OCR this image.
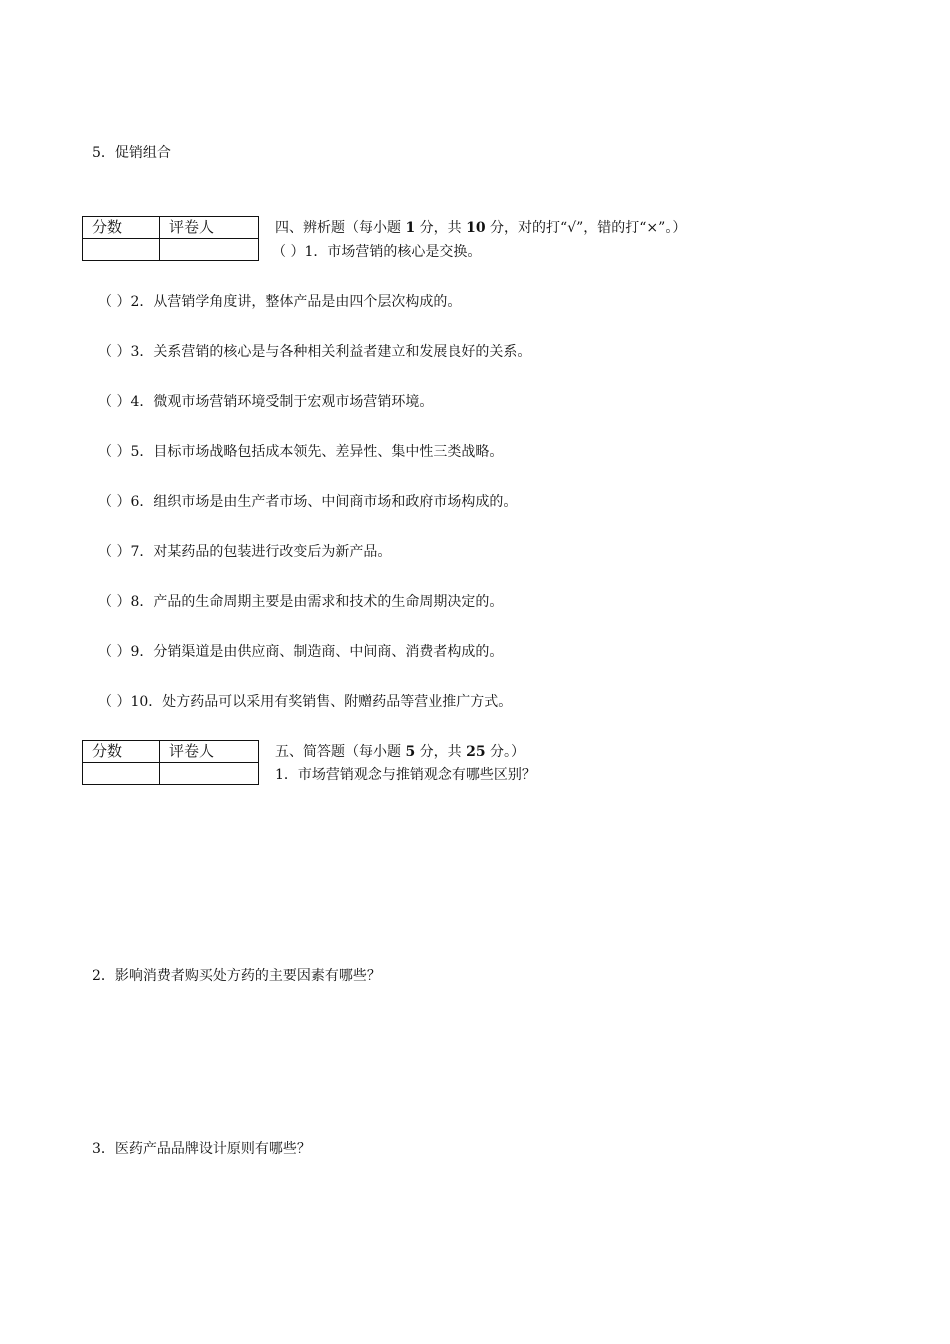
5．促销组合
分数	评卷人
		四、辨析题（每小题 1 分，共 10 分，对的打“√”，错的打“×”。）
（ ）1．市场营销的核心是交换。
（ ）2．从营销学角度讲，整体产品是由四个层次构成的。
（ ）3．关系营销的核心是与各种相关利益者建立和发展良好的关系。
（ ）4．微观市场营销环境受制于宏观市场营销环境。
（ ）5．目标市场战略包括成本领先、差异性、集中性三类战略。
（ ）6．组织市场是由生产者市场、中间商市场和政府市场构成的。
（ ）7．对某药品的包装进行改变后为新产品。
（ ）8．产品的生命周期主要是由需求和技术的生命周期决定的。
（ ）9．分销渠道是由供应商、制造商、中间商、消费者构成的。
（ ）10．处方药品可以采用有奖销售、附赠药品等营业推广方式。
分数	评卷人
		五、简答题（每小题 5 分，共 25 分。）
1．市场营销观念与推销观念有哪些区别？
2．影响消费者购买处方药的主要因素有哪些？
3．医药产品品牌设计原则有哪些？
